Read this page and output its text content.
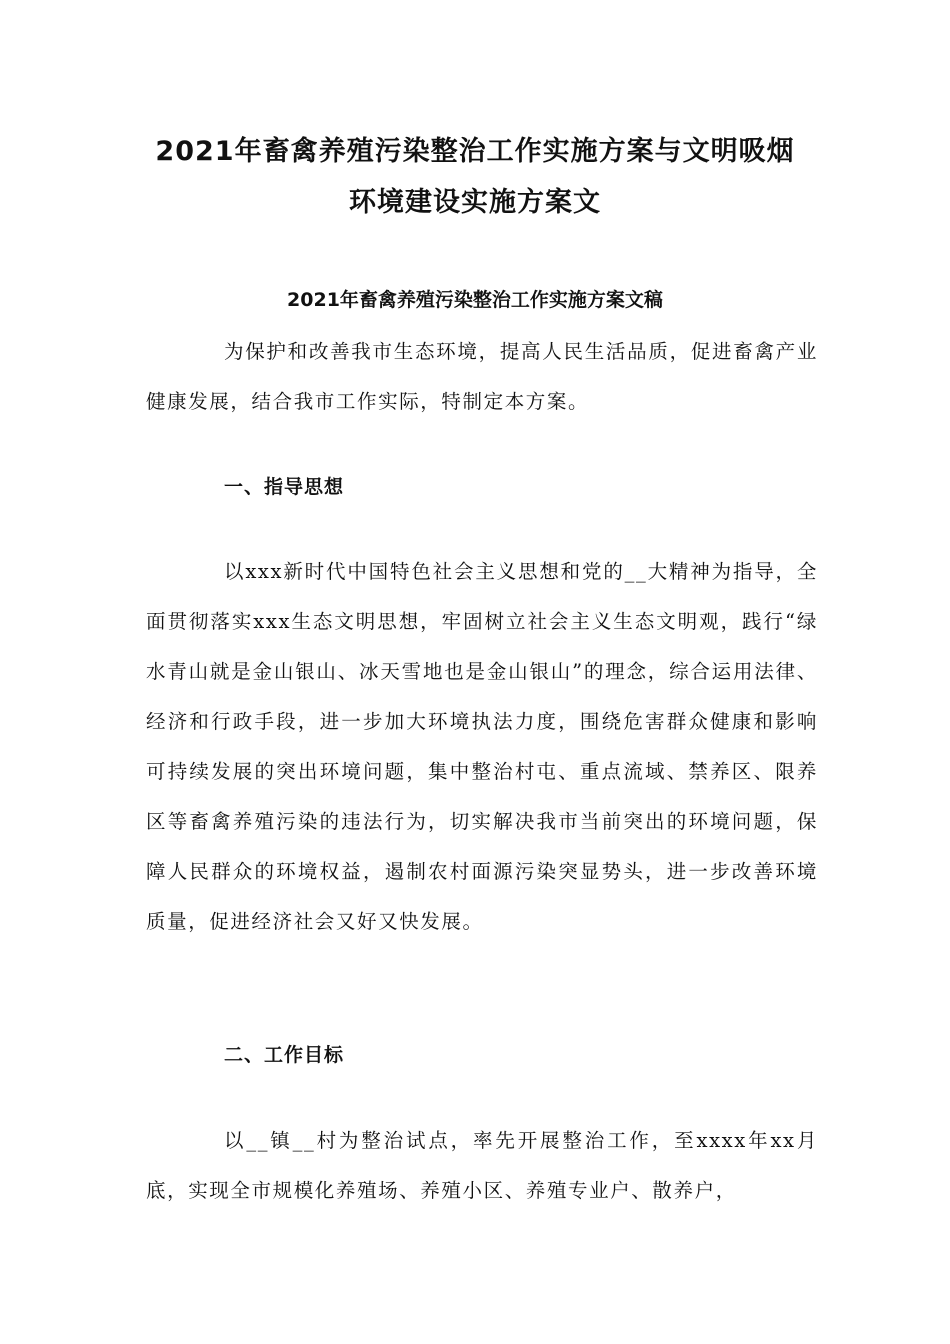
2021年畜禽养殖污染整治工作实施方案与文明吸烟
环境建设实施方案文
2021年畜禽养殖污染整治工作实施方案文稿

为保护和改善我市生态环境，提高人民生活品质，促进畜禽产业健康发展，结合我市工作实际，特制定本方案。

一、指导思想

以xxx新时代中国特色社会主义思想和党的__大精神为指导，全面贯彻落实xxx生态文明思想，牢固树立社会主义生态文明观，践行“绿水青山就是金山银山、冰天雪地也是金山银山”的理念，综合运用法律、经济和行政手段，进一步加大环境执法力度，围绕危害群众健康和影响可持续发展的突出环境问题，集中整治村屯、重点流域、禁养区、限养区等畜禽养殖污染的违法行为，切实解决我市当前突出的环境问题，保障人民群众的环境权益，遏制农村面源污染突显势头，进一步改善环境质量，促进经济社会又好又快发展。

二、工作目标

以__镇__村为整治试点，率先开展整治工作，至xxxx年xx月底，实现全市规模化养殖场、养殖小区、养殖专业户、散养户，
